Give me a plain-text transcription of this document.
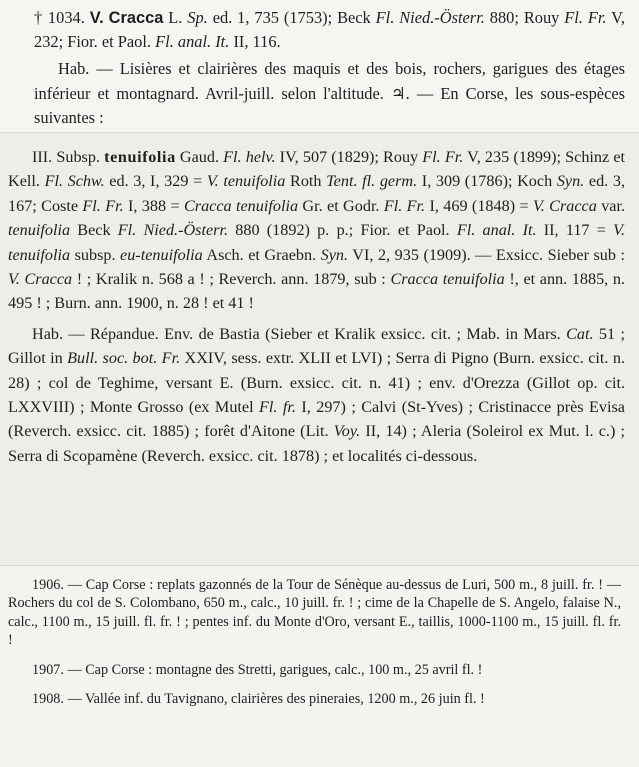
† 1034. V. Cracca L. Sp. ed. 1, 735 (1753); Beck Fl. Nied.-Österr. 880; Rouy Fl. Fr. V, 232; Fior. et Paol. Fl. anal. It. II, 116.

Hab. — Lisières et clairières des maquis et des bois, rochers, garigues des étages inférieur et montagnard. Avril-juill. selon l'altitude. ♃. — En Corse, les sous-espèces suivantes :

III. Subsp. tenuifolia Gaud. Fl. helv. IV, 507 (1829); Rouy Fl. Fr. V, 235 (1899); Schinz et Kell. Fl. Schw. ed. 3, I, 329 = V. tenuifolia Roth Tent. fl. germ. I, 309 (1786); Koch Syn. ed. 3, 167; Coste Fl. Fr. I, 388 = Cracca tenuifolia Gr. et Godr. Fl. Fr. I, 469 (1848) = V. Cracca var. tenuifolia Beck Fl. Nied.-Österr. 880 (1892) p. p.; Fior. et Paol. Fl. anal. It. II, 117 = V. tenuifolia subsp. eu-tenuifolia Asch. et Graebn. Syn. VI, 2, 935 (1909). — Exsicc. Sieber sub : V. Cracca ! ; Kralik n. 568 a ! ; Reverch. ann. 1879, sub : Cracca tenuifolia !, et ann. 1885, n. 495 ! ; Burn. ann. 1900, n. 28 ! et 41 !

Hab. — Répandue. Env. de Bastia (Sieber et Kralik exsicc. cit. ; Mab. in Mars. Cat. 51 ; Gillot in Bull. soc. bot. Fr. XXIV, sess. extr. XLII et LVI) ; Serra di Pigno (Burn. exsicc. cit. n. 28) ; col de Teghime, versant E. (Burn. exsicc. cit. n. 41) ; env. d'Orezza (Gillot op. cit. LXXVIII) ; Monte Grosso (ex Mutel Fl. fr. I, 297) ; Calvi (St-Yves) ; Cristinacce près Evisa (Reverch. exsicc. cit. 1885) ; forêt d'Aitone (Lit. Voy. II, 14) ; Aleria (Soleirol ex Mut. l. c.) ; Serra di Scopamène (Reverch. exsicc. cit. 1878) ; et localités ci-dessous.

1906. — Cap Corse : replats gazonnés de la Tour de Sénèque au-dessus de Luri, 500 m., 8 juill. fr. ! — Rochers du col de S. Colombano, 650 m., calc., 10 juill. fr. ! ; cime de la Chapelle de S. Angelo, falaise N., calc., 1100 m., 15 juill. fl. fr. ! ; pentes inf. du Monte d'Oro, versant E., taillis, 1000-1100 m., 15 juill. fl. fr. !

1907. — Cap Corse : montagne des Stretti, garigues, calc., 100 m., 25 avril fl. !

1908. — Vallée inf. du Tavignano, clairières des pineraies, 1200 m., 26 juin fl. !
